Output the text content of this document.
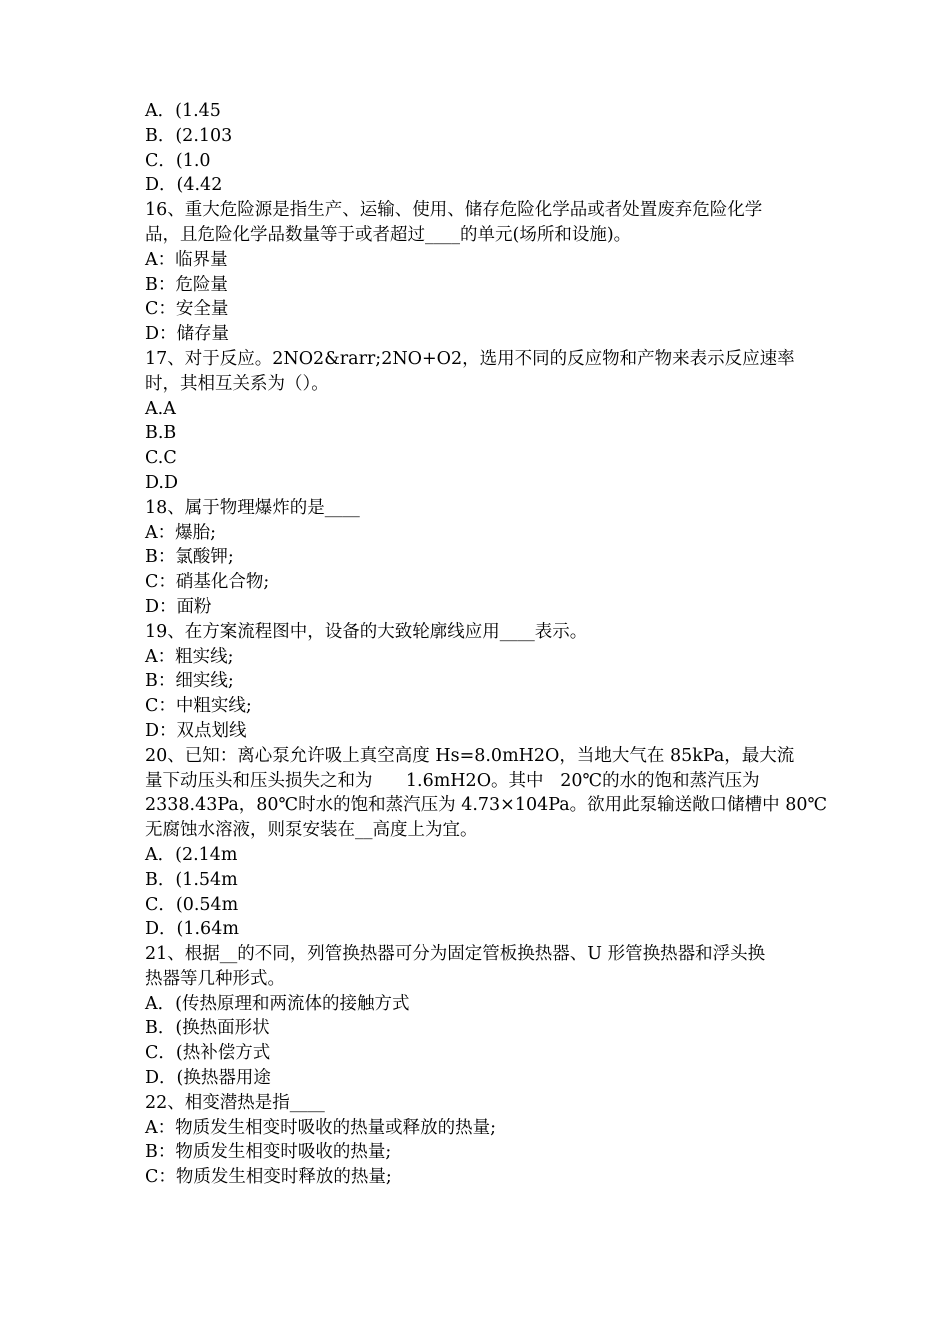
A．(1.45
B．(2.103
C．(1.0
D．(4.42
16、重大危险源是指生产、运输、使用、储存危险化学品或者处置废弃危险化学
品，且危险化学品数量等于或者超过____的单元(场所和设施)。
A：临界量
B：危险量
C：安全量
D：储存量
17、对于反应。2NO2&rarr;2NO+O2，选用不同的反应物和产物来表示反应速率
时，其相互关系为（）。
A.A
B.B
C.C
D.D
18、属于物理爆炸的是____
A：爆胎;
B：氯酸钾;
C：硝基化合物;
D：面粉
19、在方案流程图中，设备的大致轮廓线应用____表示。
A：粗实线;
B：细实线;
C：中粗实线;
D：双点划线
20、已知：离心泵允许吸上真空高度 Hs=8.0mH2O，当地大气在 85kPa，最大流
量下动压头和压头损失之和为      1.6mH2O。其中   20℃的水的饱和蒸汽压为
2338.43Pa，80℃时水的饱和蒸汽压为 4.73×104Pa。欲用此泵输送敞口储槽中 80℃
无腐蚀水溶液，则泵安装在__高度上为宜。
A．(2.14m
B．(1.54m
C．(0.54m
D．(1.64m
21、根据__的不同，列管换热器可分为固定管板换热器、U 形管换热器和浮头换
热器等几种形式。
A．(传热原理和两流体的接触方式
B．(换热面形状
C．(热补偿方式
D．(换热器用途
22、相变潜热是指____
A：物质发生相变时吸收的热量或释放的热量;
B：物质发生相变时吸收的热量;
C：物质发生相变时释放的热量;
